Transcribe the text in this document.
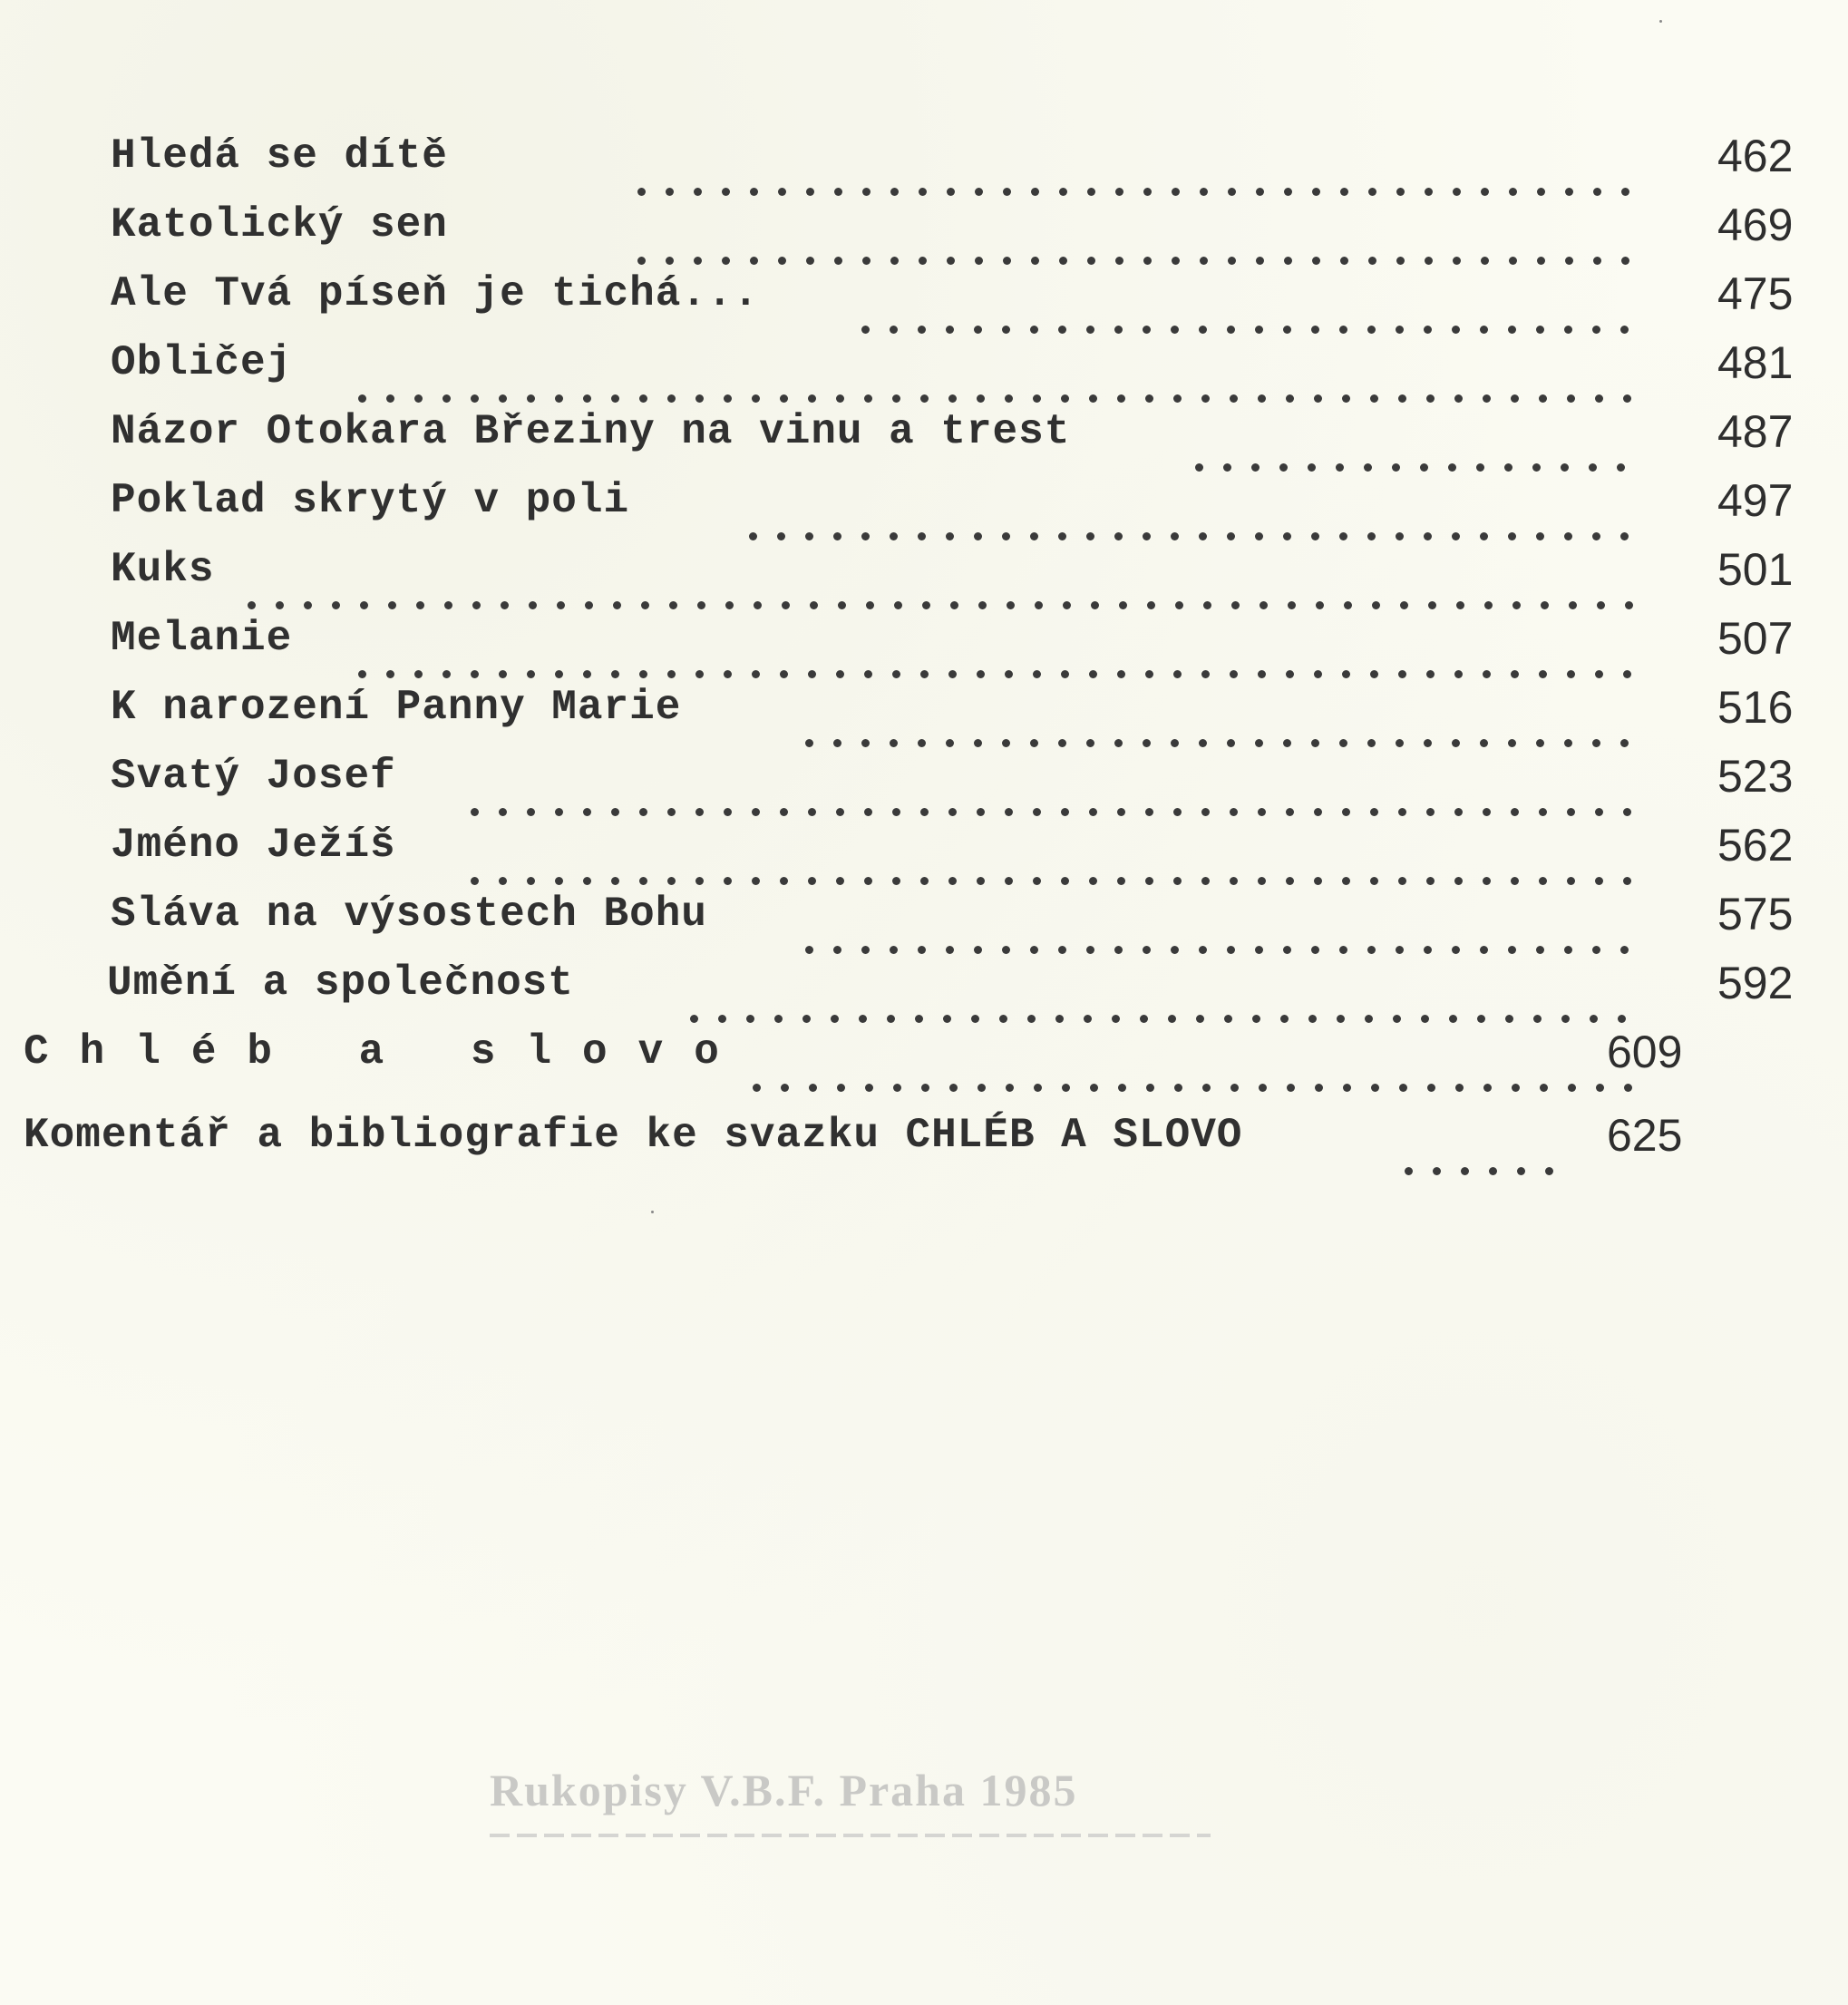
Hledá se dítě	462
Katolický sen	469
Ale Tvá píseň je tichá...	475
Obličej	481
Názor Otokara Březiny na vinu a trest	487
Poklad skrytý v poli	497
Kuks	501
Melanie	507
K narození Panny Marie	516
Svatý Josef	523
Jméno Ježíš	562
Sláva na výsostech Bohu	575
Umění a společnost	592
Chléb a slovo	609
Komentář a bibliografie ke svazku CHLÉB A SLOVO	625
Rukopisy V.B.F. Praha 1985
